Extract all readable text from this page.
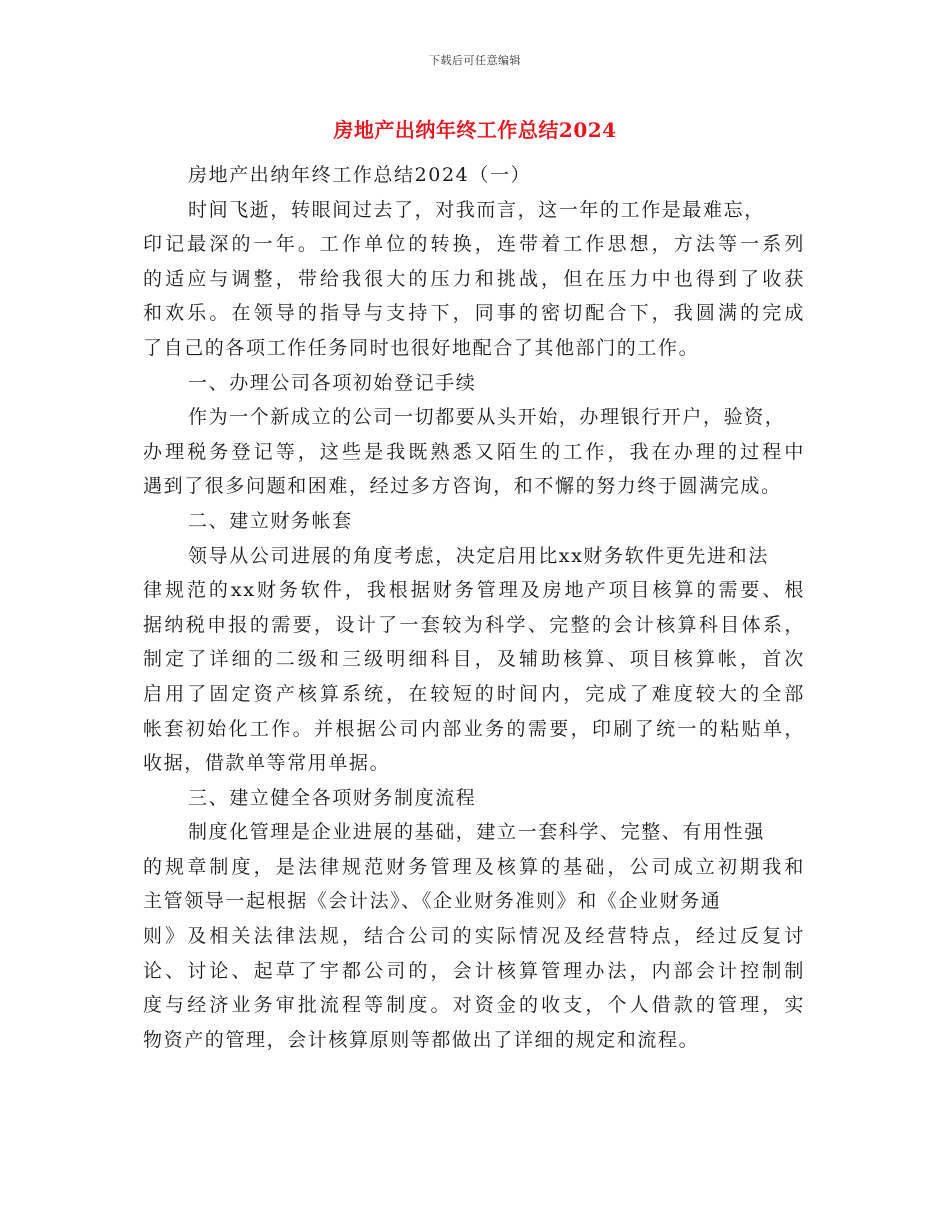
下载后可任意编辑
房地产出纳年终工作总结2024
房地产出纳年终工作总结2024（一）
时间飞逝，转眼间过去了，对我而言，这一年的工作是最难忘，
印记最深的一年。工作单位的转换，连带着工作思想，方法等一系列
的适应与调整，带给我很大的压力和挑战，但在压力中也得到了收获
和欢乐。在领导的指导与支持下，同事的密切配合下，我圆满的完成
了自己的各项工作任务同时也很好地配合了其他部门的工作。
一、办理公司各项初始登记手续
作为一个新成立的公司一切都要从头开始，办理银行开户，验资，
办理税务登记等，这些是我既熟悉又陌生的工作，我在办理的过程中
遇到了很多问题和困难，经过多方咨询，和不懈的努力终于圆满完成。
二、建立财务帐套
领导从公司进展的角度考虑，决定启用比xx财务软件更先进和法
律规范的xx财务软件，我根据财务管理及房地产项目核算的需要、根
据纳税申报的需要，设计了一套较为科学、完整的会计核算科目体系，
制定了详细的二级和三级明细科目，及辅助核算、项目核算帐，首次
启用了固定资产核算系统，在较短的时间内，完成了难度较大的全部
帐套初始化工作。并根据公司内部业务的需要，印刷了统一的粘贴单，
收据，借款单等常用单据。
三、建立健全各项财务制度流程
制度化管理是企业进展的基础，建立一套科学、完整、有用性强
的规章制度，是法律规范财务管理及核算的基础，公司成立初期我和
主管领导一起根据《会计法》、《企业财务准则》和《企业财务通
则》及相关法律法规，结合公司的实际情况及经营特点，经过反复讨
论、讨论、起草了宇都公司的，会计核算管理办法，内部会计控制制
度与经济业务审批流程等制度。对资金的收支，个人借款的管理，实
物资产的管理，会计核算原则等都做出了详细的规定和流程。
